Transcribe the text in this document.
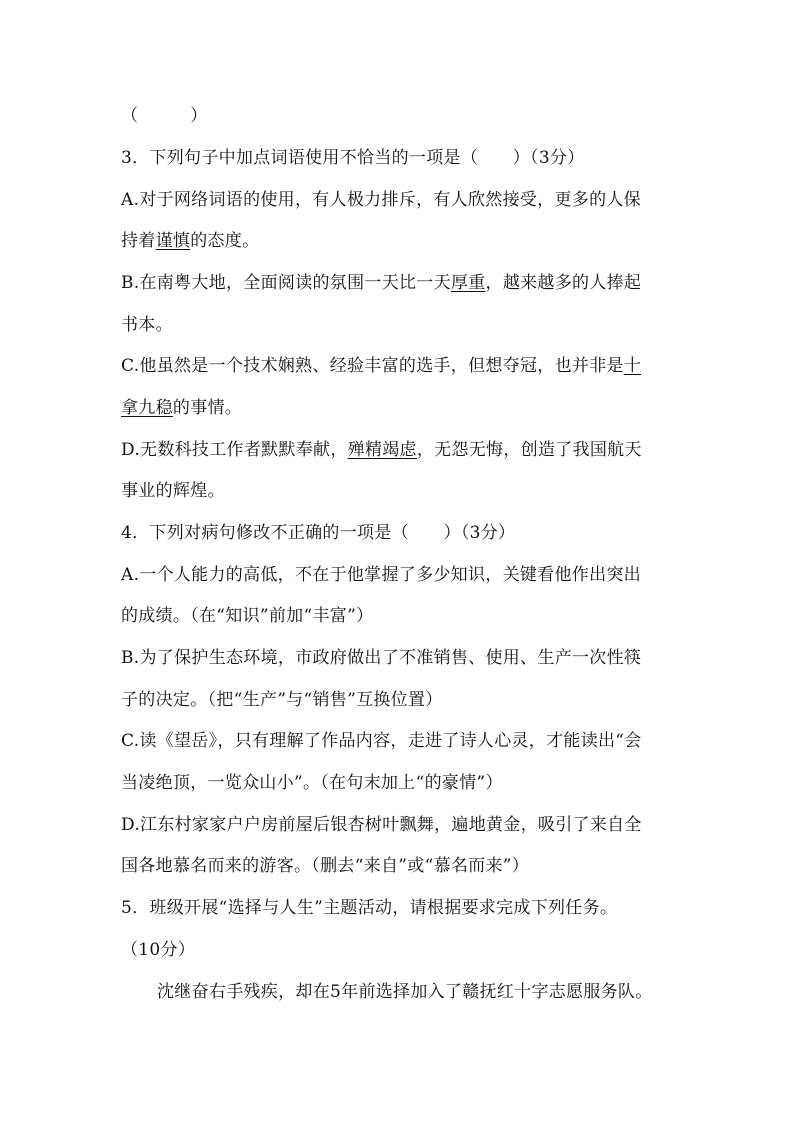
（　　　）
3．下列句子中加点词语使用不恰当的一项是（　　）（3分）
A.对于网络词语的使用，有人极力排斥，有人欣然接受，更多的人保
持着谨慎的态度。
B.在南粤大地，全面阅读的氛围一天比一天厚重，越来越多的人捧起
书本。
C.他虽然是一个技术娴熟、经验丰富的选手，但想夺冠，也并非是十
拿九稳的事情。
D.无数科技工作者默默奉献，殚精竭虑，无怨无悔，创造了我国航天
事业的辉煌。
4．下列对病句修改不正确的一项是（　　）（3分）
A.一个人能力的高低，不在于他掌握了多少知识，关键看他作出突出
的成绩。（在“知识”前加“丰富”）
B.为了保护生态环境，市政府做出了不准销售、使用、生产一次性筷
子的决定。（把“生产”与“销售”互换位置）
C.读《望岳》，只有理解了作品内容，走进了诗人心灵，才能读出“会
当凌绝顶，一览众山小”。（在句末加上“的豪情”）
D.江东村家家户户房前屋后银杏树叶飘舞，遍地黄金，吸引了来自全
国各地慕名而来的游客。（删去“来自”或“慕名而来”）
5．班级开展“选择与人生”主题活动，请根据要求完成下列任务。
（10分）
沈继奋右手残疾，却在5年前选择加入了赣抚红十字志愿服务队。
